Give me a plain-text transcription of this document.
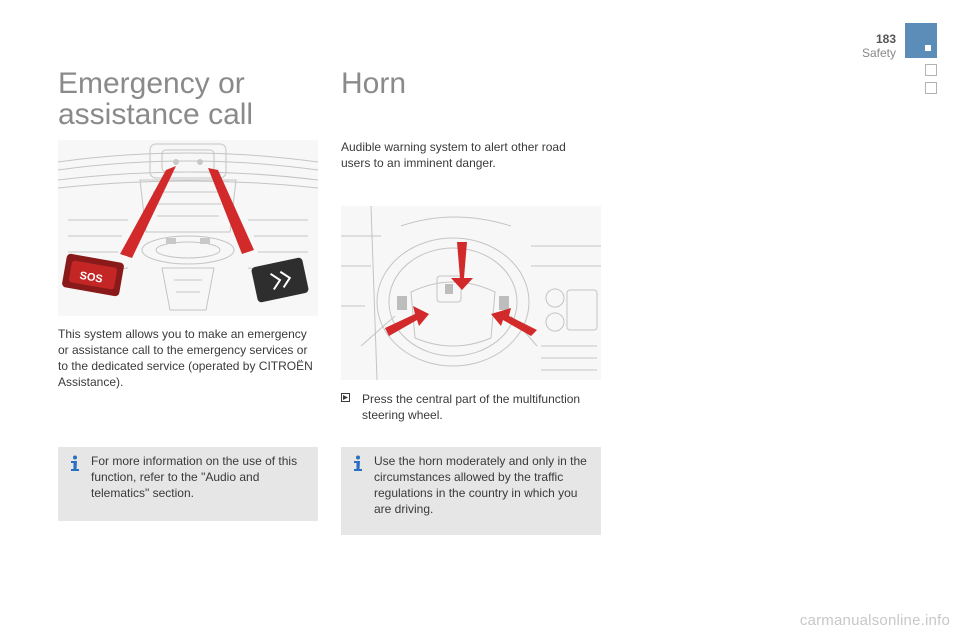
183
Safety
Emergency or assistance call
Horn
Audible warning system to alert other road users to an imminent danger.
SOS
This system allows you to make an emergency or assistance call to the emergency services or to the dedicated service (operated by CITROËN Assistance).
Press the central part of the multifunction steering wheel.
For more information on the use of this function, refer to the "Audio and telematics" section.
Use the horn moderately and only in the circumstances allowed by the traffic regulations in the country in which you are driving.
carmanualsonline.info
